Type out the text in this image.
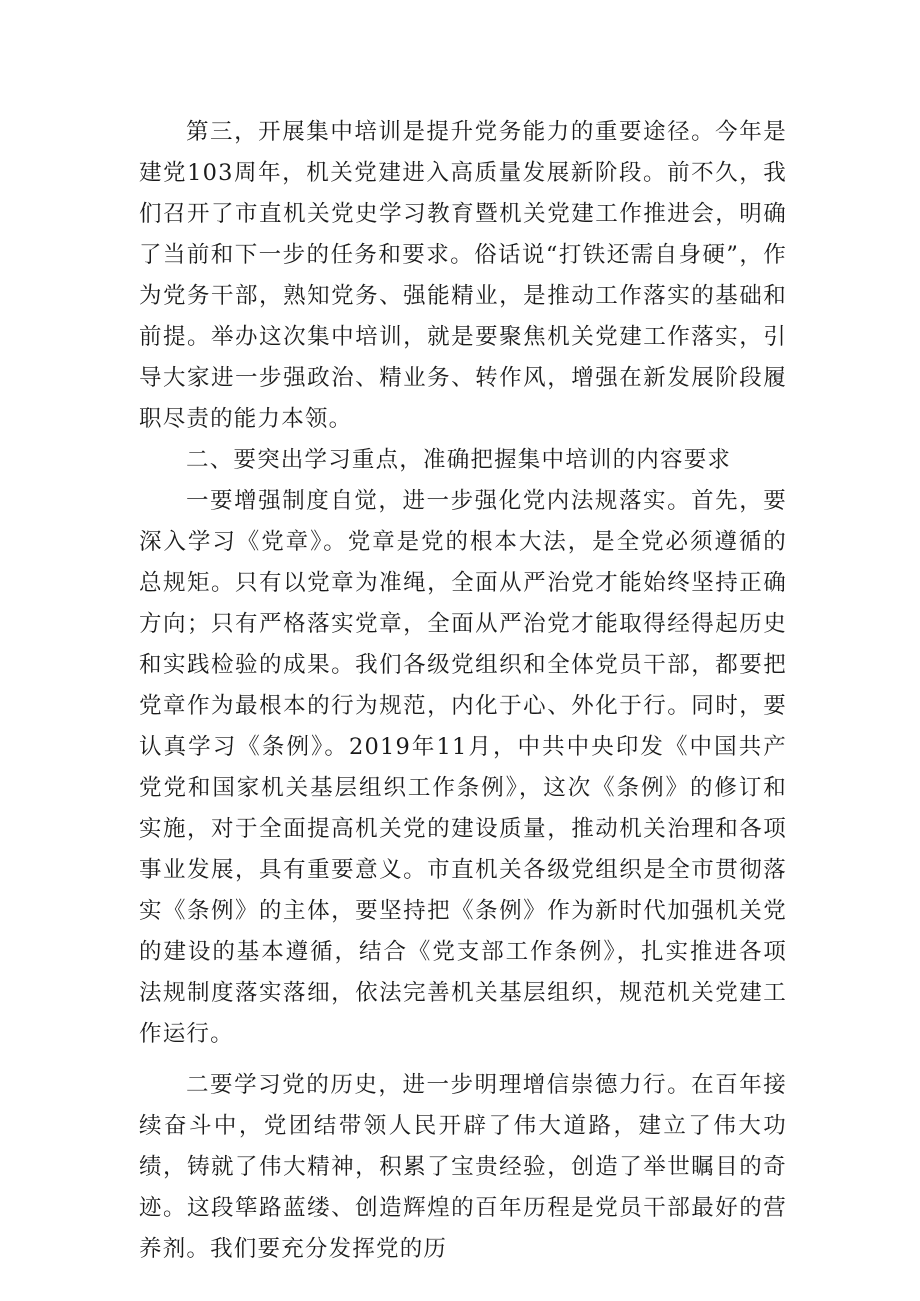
第三，开展集中培训是提升党务能力的重要途径。今年是建党103周年，机关党建进入高质量发展新阶段。前不久，我们召开了市直机关党史学习教育暨机关党建工作推进会，明确了当前和下一步的任务和要求。俗话说“打铁还需自身硬”，作为党务干部，熟知党务、强能精业，是推动工作落实的基础和前提。举办这次集中培训，就是要聚焦机关党建工作落实，引导大家进一步强政治、精业务、转作风，增强在新发展阶段履职尽责的能力本领。

二、要突出学习重点，准确把握集中培训的内容要求

一要增强制度自觉，进一步强化党内法规落实。首先，要深入学习《党章》。党章是党的根本大法，是全党必须遵循的总规矩。只有以党章为准绳，全面从严治党才能始终坚持正确方向；只有严格落实党章，全面从严治党才能取得经得起历史和实践检验的成果。我们各级党组织和全体党员干部，都要把党章作为最根本的行为规范，内化于心、外化于行。同时，要认真学习《条例》。2019年11月，中共中央印发《中国共产党党和国家机关基层组织工作条例》，这次《条例》的修订和实施，对于全面提高机关党的建设质量，推动机关治理和各项事业发展，具有重要意义。市直机关各级党组织是全市贯彻落实《条例》的主体，要坚持把《条例》作为新时代加强机关党的建设的基本遵循，结合《党支部工作条例》，扎实推进各项法规制度落实落细，依法完善机关基层组织，规范机关党建工作运行。

二要学习党的历史，进一步明理增信崇德力行。在百年接续奋斗中，党团结带领人民开辟了伟大道路，建立了伟大功绩，铸就了伟大精神，积累了宝贵经验，创造了举世瞩目的奇迹。这段筚路蓝缕、创造辉煌的百年历程是党员干部最好的营养剂。我们要充分发挥党的历
